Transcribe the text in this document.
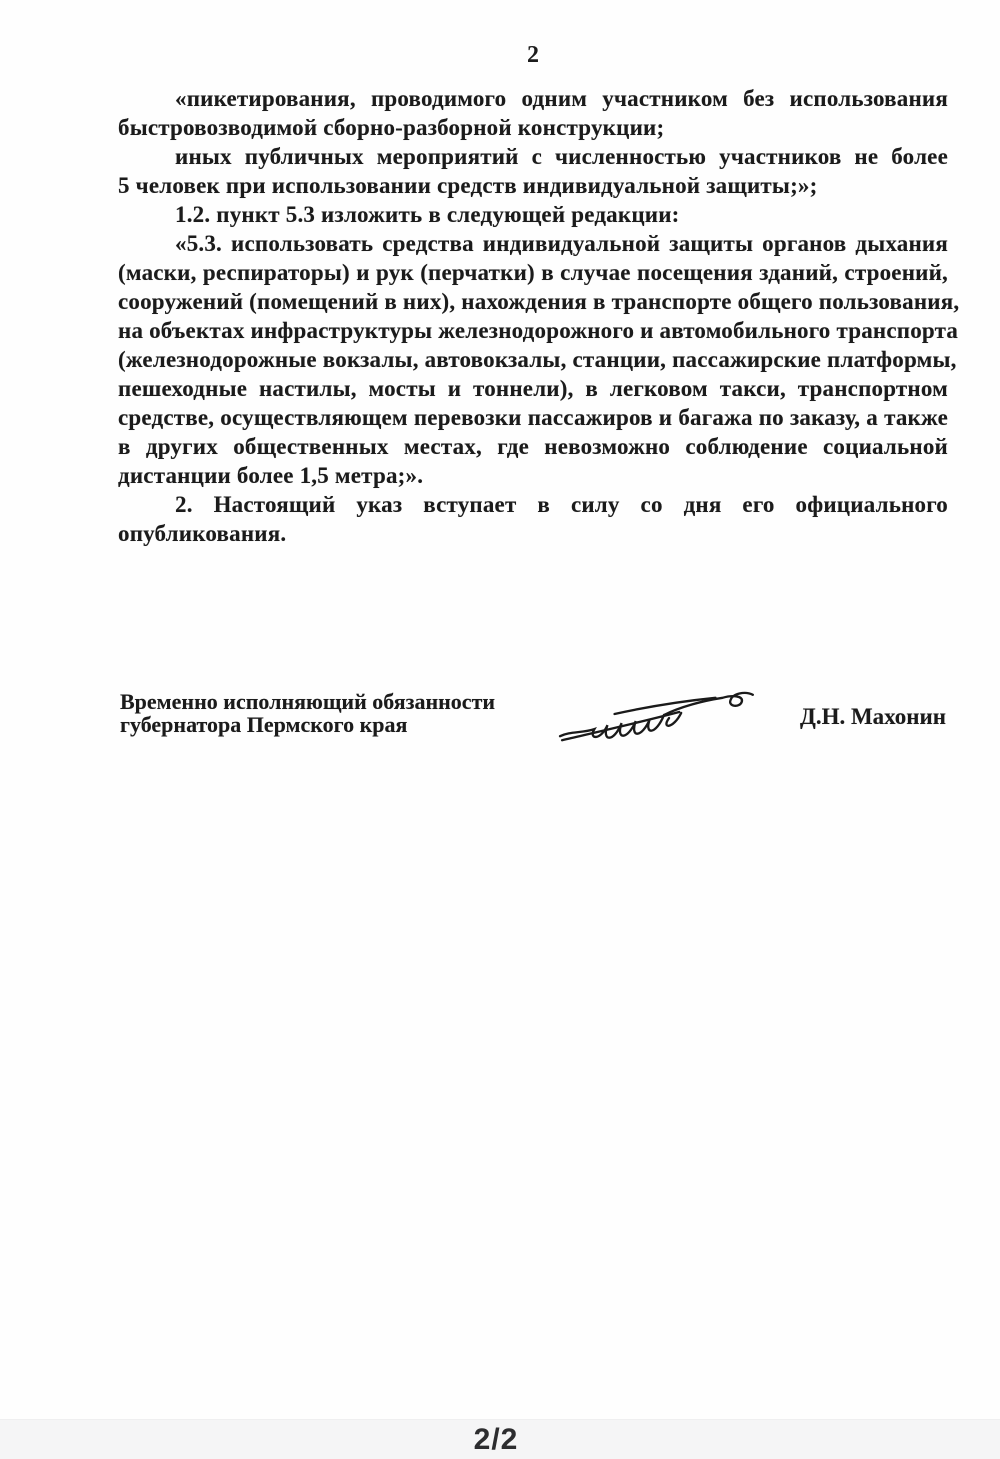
2
«пикетирования, проводимого одним участником без использования
быстровозводимой сборно-разборной конструкции;
иных публичных мероприятий с численностью участников не более
5 человек при использовании средств индивидуальной защиты;»;
1.2. пункт 5.3 изложить в следующей редакции:
«5.3. использовать средства индивидуальной защиты органов дыхания
(маски, респираторы) и рук (перчатки) в случае посещения зданий, строений,
сооружений (помещений в них), нахождения в транспорте общего пользования,
на объектах инфраструктуры железнодорожного и автомобильного транспорта
(железнодорожные вокзалы, автовокзалы, станции, пассажирские платформы,
пешеходные настилы, мосты и тоннели), в легковом такси, транспортном
средстве, осуществляющем перевозки пассажиров и багажа по заказу, а также
в других общественных местах, где невозможно соблюдение социальной
дистанции более 1,5 метра;».
2. Настоящий указ вступает в силу со дня его официального
опубликования.
Временно исполняющий обязанности
губернатора Пермского края	Д.Н. Махонин
2/2
